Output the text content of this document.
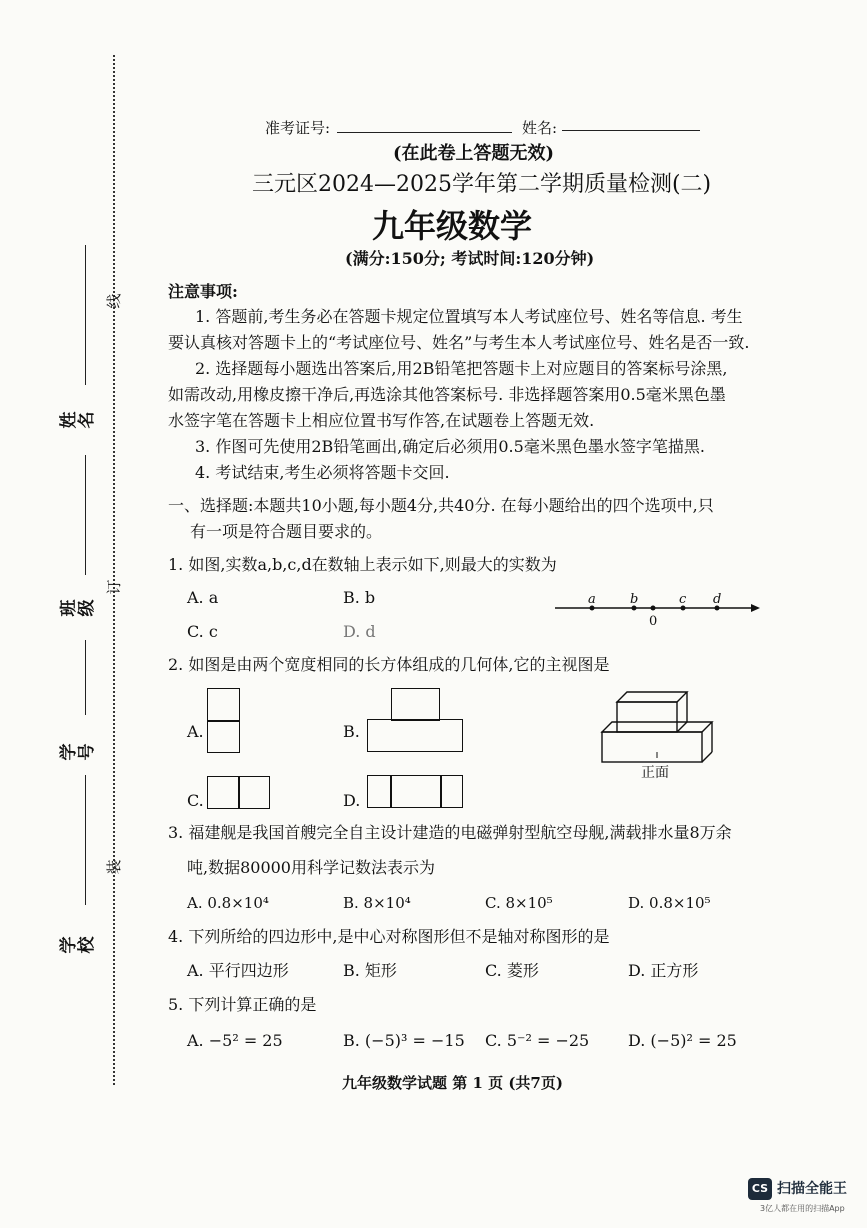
线
姓名
班级
订
学号
装
学校
准考证号:	姓名:
(在此卷上答题无效)
三元区2024—2025学年第二学期质量检测(二)
九年级数学
(满分:150分; 考试时间:120分钟)
注意事项:
1. 答题前,考生务必在答题卡规定位置填写本人考试座位号、姓名等信息. 考生
要认真核对答题卡上的“考试座位号、姓名”与考生本人考试座位号、姓名是否一致.
2. 选择题每小题选出答案后,用2B铅笔把答题卡上对应题目的答案标号涂黑,
如需改动,用橡皮擦干净后,再选涂其他答案标号. 非选择题答案用0.5毫米黑色墨
水签字笔在答题卡上相应位置书写作答,在试题卷上答题无效.
3. 作图可先使用2B铅笔画出,确定后必须用0.5毫米黑色墨水签字笔描黑.
4. 考试结束,考生必须将答题卡交回.
一、选择题:本题共10小题,每小题4分,共40分. 在每小题给出的四个选项中,只
有一项是符合题目要求的。
1. 如图,实数a,b,c,d在数轴上表示如下,则最大的实数为
A. a	B. b
C. c	D. d
a	b	c d
0
2. 如图是由两个宽度相同的长方体组成的几何体,它的主视图是
A.	B.
C.	D.
正面
3. 福建舰是我国首艘完全自主设计建造的电磁弹射型航空母舰,满载排水量8万余
吨,数据80000用科学记数法表示为
A. 0.8×10⁴	B. 8×10⁴	C. 8×10⁵	D. 0.8×10⁵
4. 下列所给的四边形中,是中心对称图形但不是轴对称图形的是
A. 平行四边形	B. 矩形	C. 菱形	D. 正方形
5. 下列计算正确的是
A. −5² = 25	B. (−5)³ = −15 C. 5⁻² = −25 D. (−5)² = 25
九年级数学试题 第 1 页 (共7页)
CS 扫描全能王
3亿人都在用的扫描App
